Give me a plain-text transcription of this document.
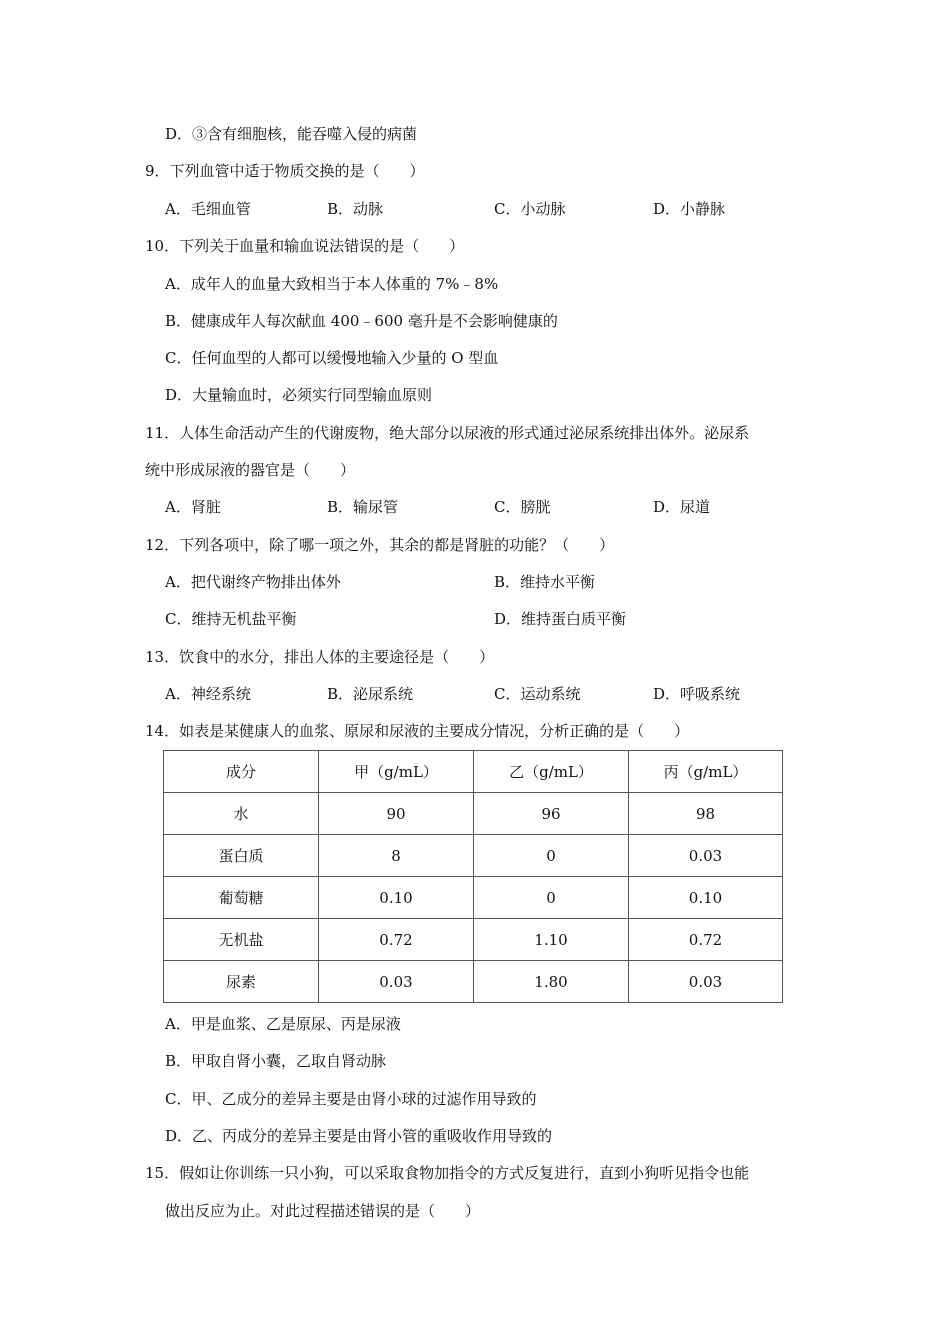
D．③含有细胞核，能吞噬入侵的病菌
9．下列血管中适于物质交换的是（　　）
A．毛细血管	B．动脉	C．小动脉	D．小静脉
10．下列关于血量和输血说法错误的是（　　）
A．成年人的血量大致相当于本人体重的 7%﹣8%
B．健康成年人每次献血 400﹣600 毫升是不会影响健康的
C．任何血型的人都可以缓慢地输入少量的 O 型血
D．大量输血时，必须实行同型输血原则
11．人体生命活动产生的代谢废物，绝大部分以尿液的形式通过泌尿系统排出体外。泌尿系
统中形成尿液的器官是（　　）
A．肾脏	B．输尿管	C．膀胱	D．尿道
12．下列各项中，除了哪一项之外，其余的都是肾脏的功能？（　　）
A．把代谢终产物排出体外	B．维持水平衡
C．维持无机盐平衡	D．维持蛋白质平衡
13．饮食中的水分，排出人体的主要途径是（　　）
A．神经系统	B．泌尿系统	C．运动系统	D．呼吸系统
14．如表是某健康人的血浆、原尿和尿液的主要成分情况，分析正确的是（　　）
成分	甲（g/mL）	乙（g/mL）	丙（g/mL）
水	90	96	98
蛋白质	8	0	0.03
葡萄糖	0.10	0	0.10
无机盐	0.72	1.10	0.72
尿素	0.03	1.80	0.03
A．甲是血浆、乙是原尿、丙是尿液
B．甲取自肾小囊，乙取自肾动脉
C．甲、乙成分的差异主要是由肾小球的过滤作用导致的
D．乙、丙成分的差异主要是由肾小管的重吸收作用导致的
15．假如让你训练一只小狗，可以采取食物加指令的方式反复进行，直到小狗听见指令也能
做出反应为止。对此过程描述错误的是（　　）
